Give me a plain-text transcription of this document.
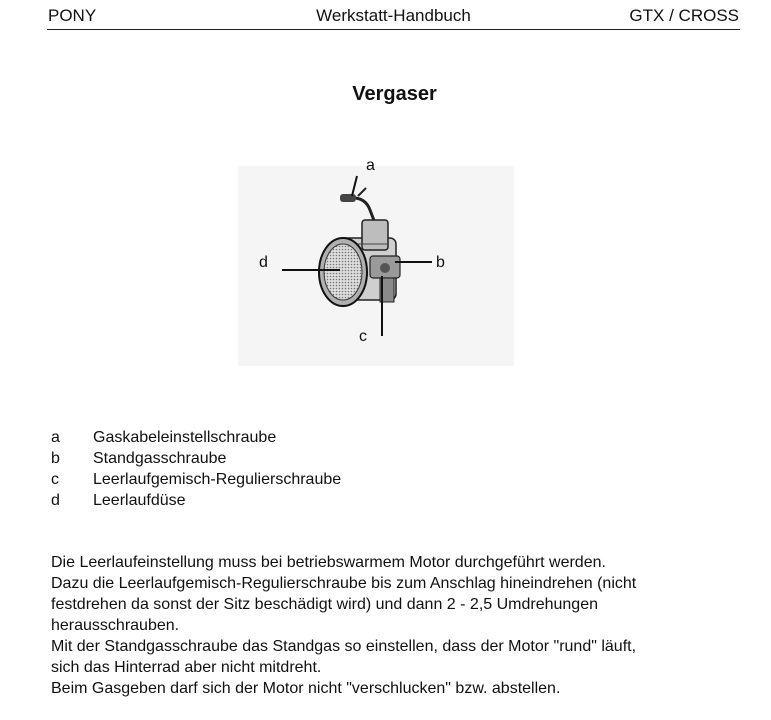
PONY	Werkstatt-Handbuch	GTX / CROSS
Vergaser
a
b
c
d
a	Gaskabeleinstellschraube
b	Standgasschraube
c	Leerlaufgemisch-Regulierschraube
d	Leerlaufdüse
Die Leerlaufeinstellung muss bei betriebswarmem Motor durchgeführt werden.
Dazu die Leerlaufgemisch-Regulierschraube bis zum Anschlag hineindrehen (nicht
festdrehen da sonst der Sitz beschädigt wird) und dann 2 - 2,5 Umdrehungen
herausschrauben.
Mit der Standgasschraube das Standgas so einstellen, dass der Motor "rund" läuft,
sich das Hinterrad aber nicht mitdreht.
Beim Gasgeben darf sich der Motor nicht "verschlucken" bzw. abstellen.
